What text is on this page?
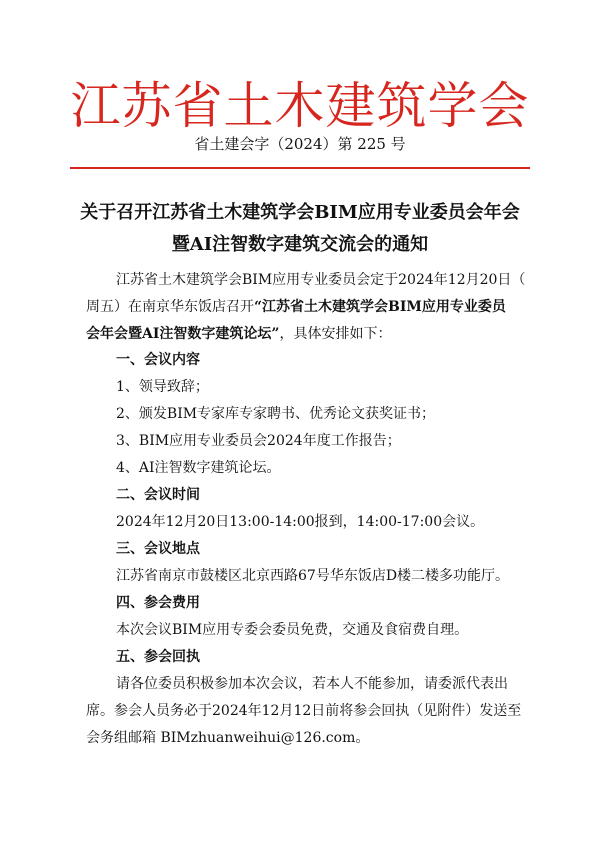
江苏省土木建筑学会
省土建会字（2024）第 225 号
关于召开江苏省土木建筑学会BIM应用专业委员会年会
暨AI注智数字建筑交流会的通知
江苏省土木建筑学会BIM应用专业委员会定于2024年12月20日（
周五）在南京华东饭店召开“江苏省土木建筑学会BIM应用专业委员
会年会暨AI注智数字建筑论坛”，具体安排如下：
一、会议内容
1、领导致辞；
2、颁发BIM专家库专家聘书、优秀论文获奖证书；
3、BIM应用专业委员会2024年度工作报告；
4、AI注智数字建筑论坛。
二、会议时间
2024年12月20日13:00-14:00报到，14:00-17:00会议。
三、会议地点
江苏省南京市鼓楼区北京西路67号华东饭店D楼二楼多功能厅。
四、参会费用
本次会议BIM应用专委会委员免费，交通及食宿费自理。
五、参会回执
请各位委员积极参加本次会议，若本人不能参加，请委派代表出
席。参会人员务必于2024年12月12日前将参会回执（见附件）发送至
会务组邮箱 BIMzhuanweihui@126.com。
